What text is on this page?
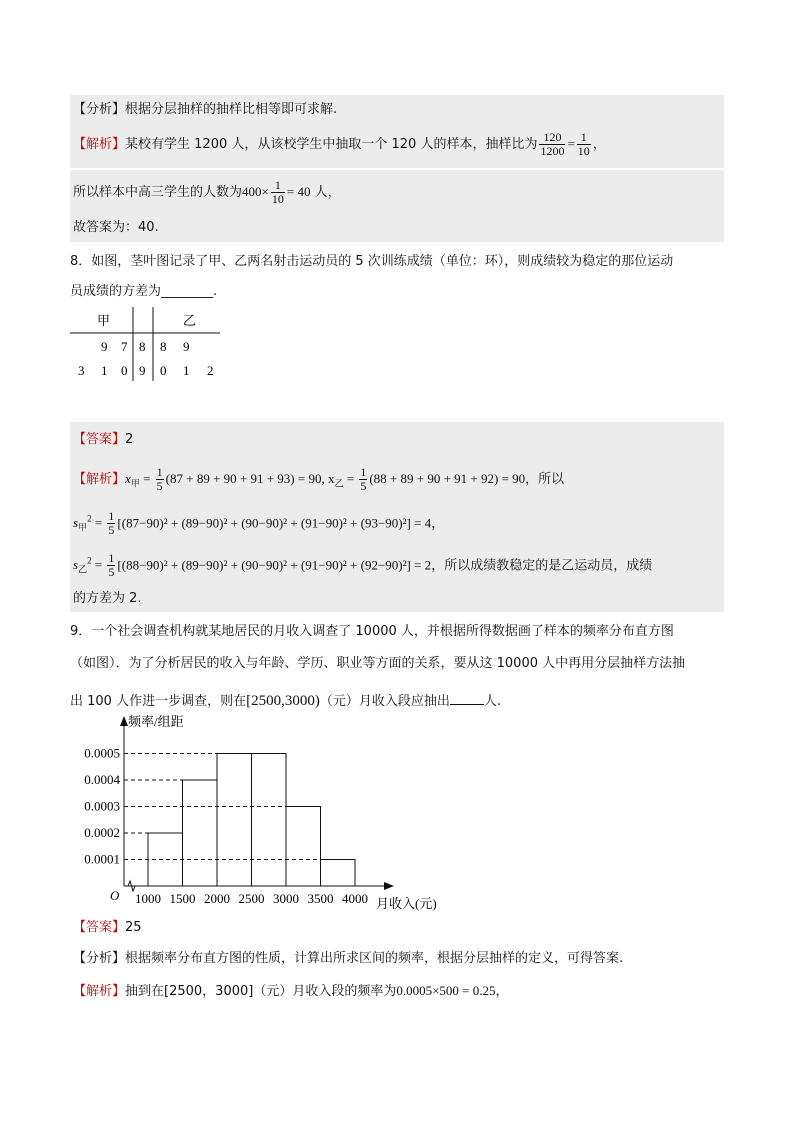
【分析】根据分层抽样的抽样比相等即可求解.
【解析】某校有学生 1200 人，从该校学生中抽取一个 120 人的样本，抽样比为 $\frac{120}{1200} = \frac{1}{10}$ ，
所以样本中高三学生的人数为$400\times \frac{1}{10} = 40$ 人，
故答案为：40.
8．如图，茎叶图记录了甲、乙两名射击运动员的 5 次训练成绩（单位：环），则成绩较为稳定的那位运动
员成绩的方差为________.
甲	乙
9 7 8 8 9
3 1 0 9 0 1 2
【答案】2
【解析】$x_甲 = \frac{1}{5} (87 + 89 + 90 + 91 + 93) = 90$, $x_乙 = \frac{1}{5} (88 + 89 + 90 + 91 + 92) = 90$，所以
$s_甲^2 = \frac{1}{5} [(87-90)^2 + (89-90)^2 + (90-90)^2 + (91-90)^2 + (93-90)^2] = 4$，
$s_乙^2 = \frac{1}{5} [(88-90)^2 + (89-90)^2 + (90-90)^2 + (91-90)^2 + (92-90)^2] = 2$，所以成绩教稳定的是乙运动员，成绩
的方差为 2.
9．一个社会调查机构就某地居民的月收入调查了 10000 人，并根据所得数据画了样本的频率分布直方图
（如图）．为了分析居民的收入与年龄、学历、职业等方面的关系，要从这 10000 人中再用分层抽样方法抽
出 100 人作进一步调查，则在[2500,3000)（元）月收入段应抽出	人.
0.0001
0.0002
0.0003
0.0004
0.0005
1000 1500 2000 2500 3000 3500 4000
O
频率/组距
月收入(元)
【答案】25
【分析】根据频率分布直方图的性质，计算出所求区间的频率，根据分层抽样的定义，可得答案.
【解析】抽到在[2500，3000]（元）月收入段的频率为0.0005×500 = 0.25，
